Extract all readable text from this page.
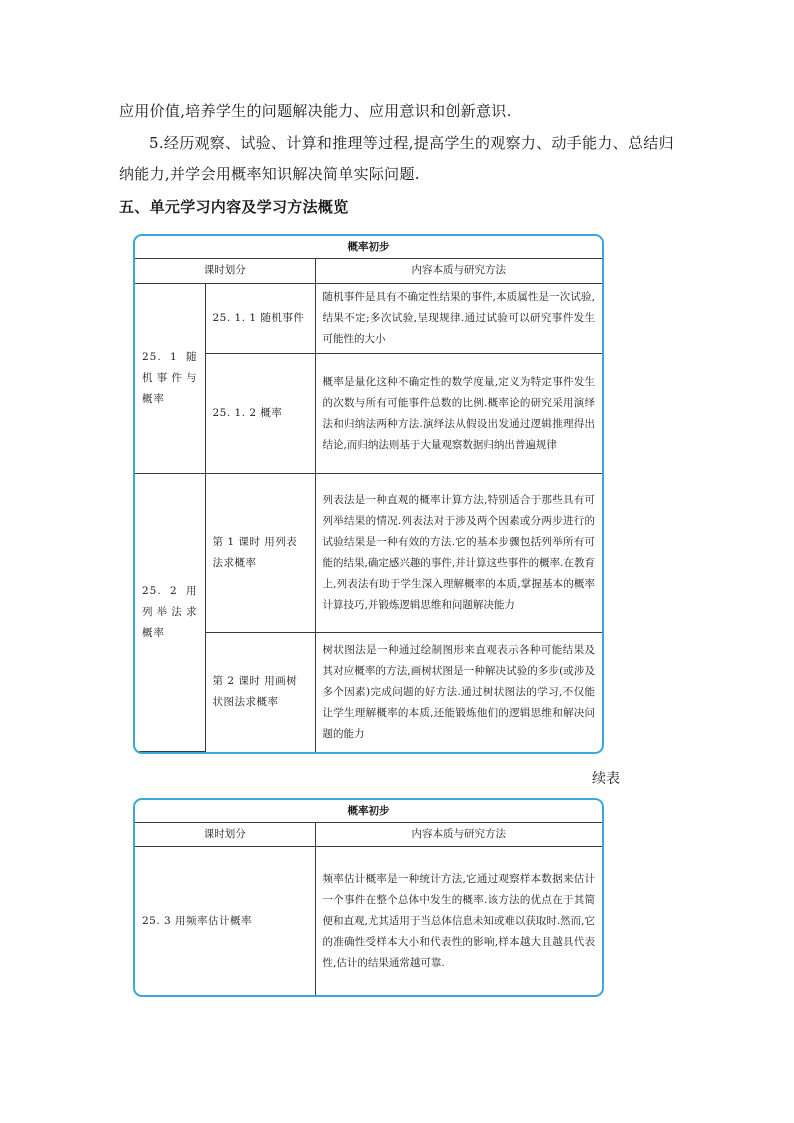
应用价值,培养学生的问题解决能力、应用意识和创新意识.

5.经历观察、试验、计算和推理等过程,提高学生的观察力、动手能力、总结归纳能力,并学会用概率知识解决简单实际问题.

五、单元学习内容及学习方法概览

概率初步		
课时划分		内容本质与研究方法
25. 1 随机事件与概率	25. 1. 1 随机事件	随机事件是具有不确定性结果的事件,本质属性是一次试验,结果不定;多次试验,呈现规律.通过试验可以研究事件发生可能性的大小
	25. 1. 2 概率	概率是量化这种不确定性的数学度量,定义为特定事件发生的次数与所有可能事件总数的比例.概率论的研究采用演绎法和归纳法两种方法.演绎法从假设出发通过逻辑推理得出结论,而归纳法则基于大量观察数据归纳出普遍规律
25. 2 用列举法求概率	第 1 课时 用列表法求概率	列表法是一种直观的概率计算方法,特别适合于那些具有可列举结果的情况.列表法对于涉及两个因素或分两步进行的试验结果是一种有效的方法.它的基本步骤包括列举所有可能的结果,确定感兴趣的事件,并计算这些事件的概率.在教育上,列表法有助于学生深入理解概率的本质,掌握基本的概率计算技巧,并锻炼逻辑思维和问题解决能力
	第 2 课时 用画树状图法求概率	树状图法是一种通过绘制图形来直观表示各种可能结果及其对应概率的方法,画树状图是一种解决试验的多步(或涉及多个因素)完成问题的好方法.通过树状图法的学习,不仅能让学生理解概率的本质,还能锻炼他们的逻辑思维和解决问题的能力

续表

概率初步	
课时划分	内容本质与研究方法
25. 3 用频率估计概率	频率估计概率是一种统计方法,它通过观察样本数据来估计一个事件在整个总体中发生的概率.该方法的优点在于其简便和直观,尤其适用于当总体信息未知或难以获取时.然而,它的准确性受样本大小和代表性的影响,样本越大且越具代表性,估计的结果通常越可靠.
